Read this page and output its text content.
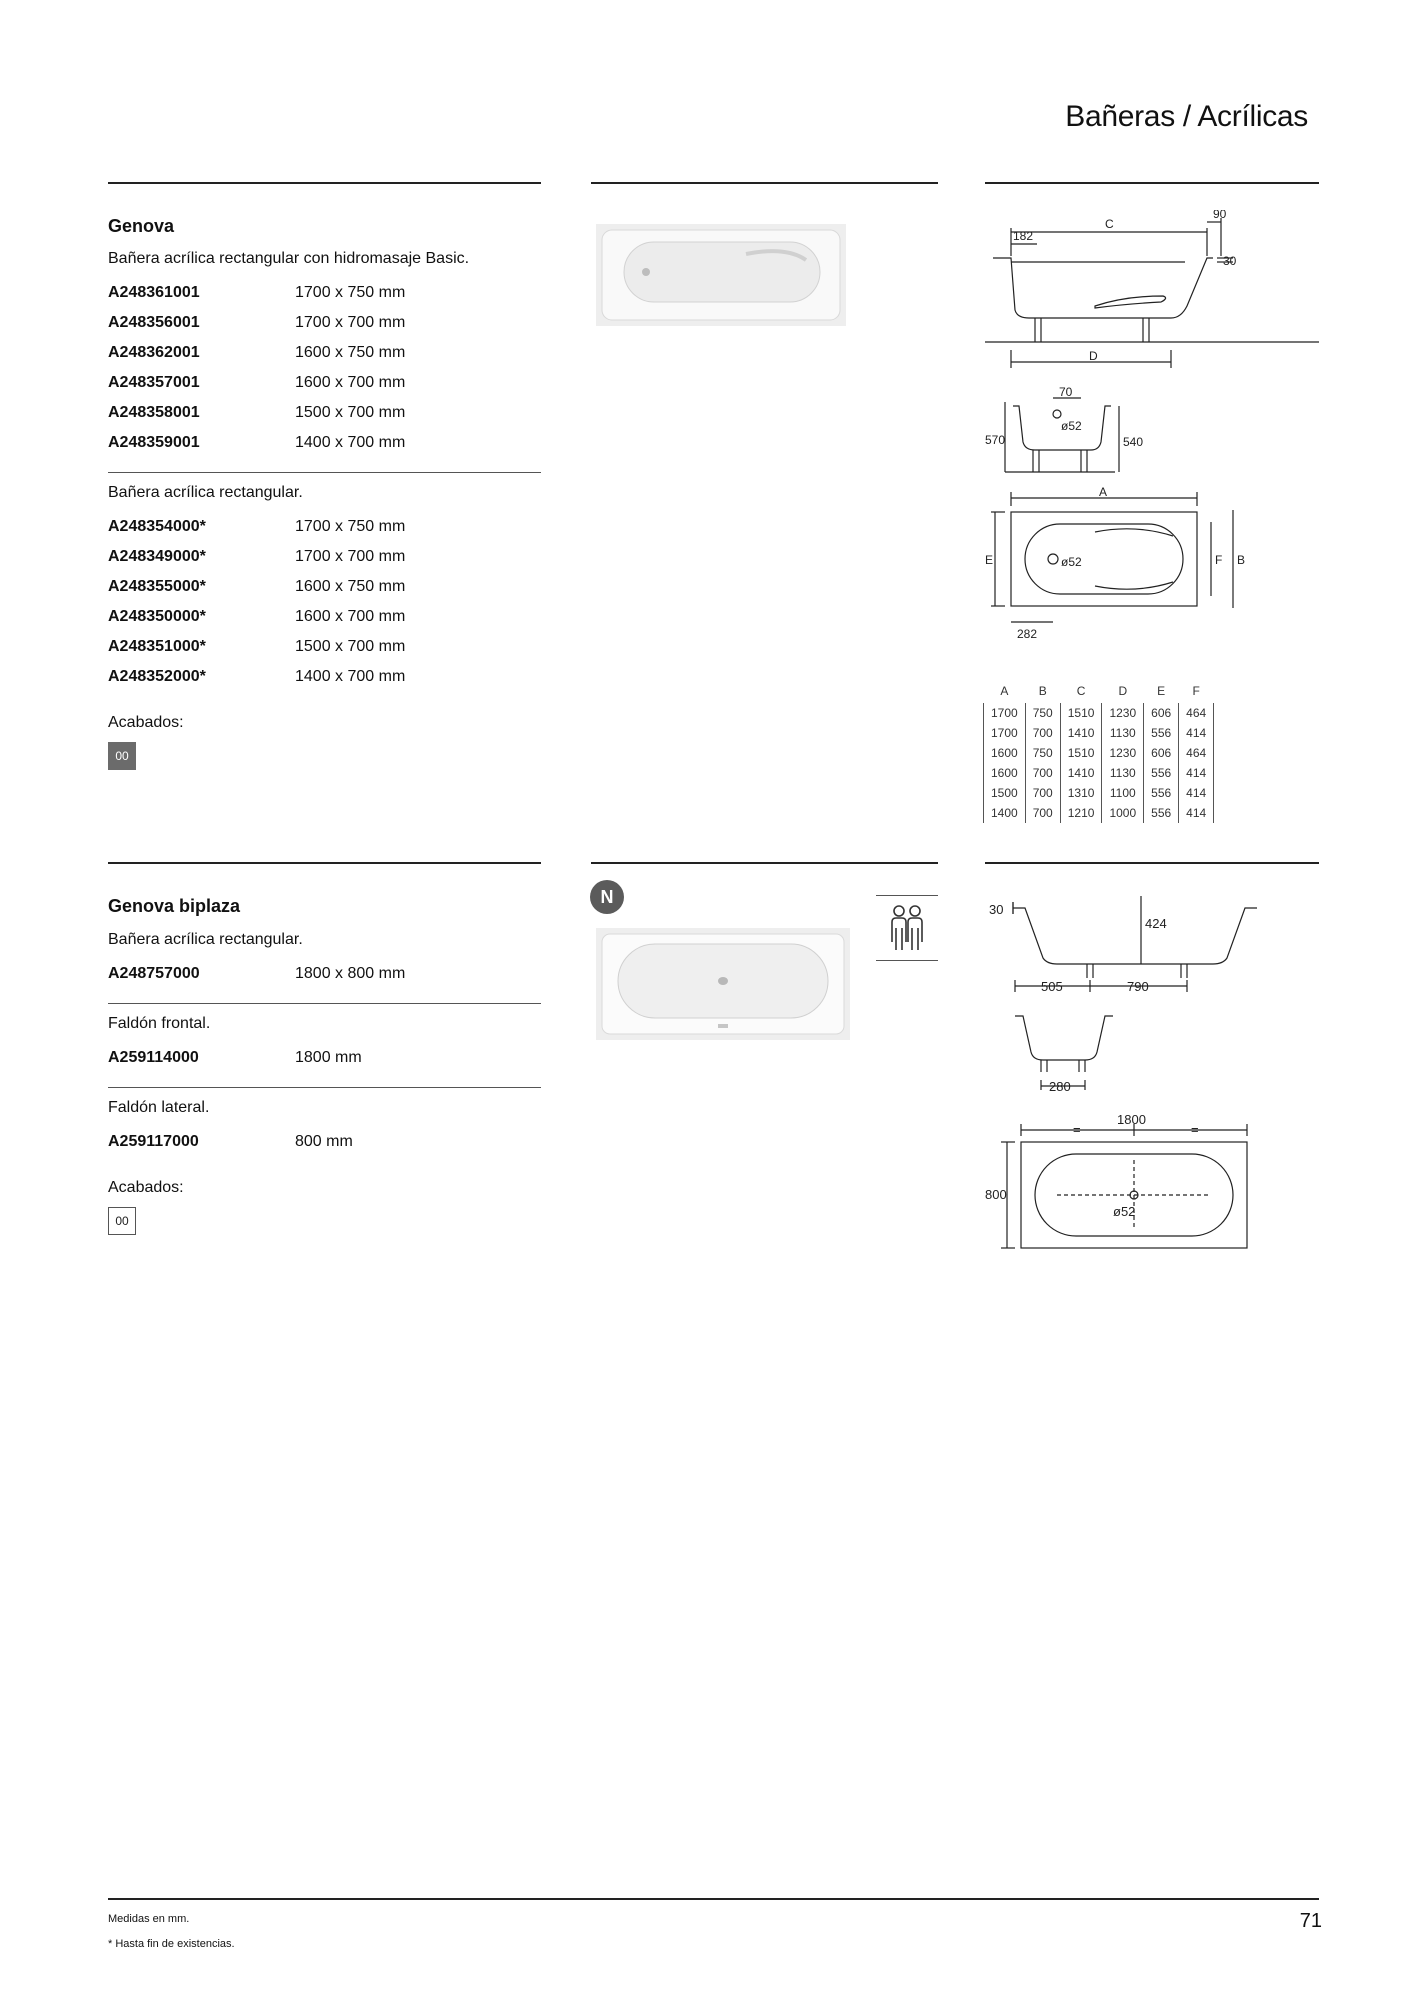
Bañeras / Acrílicas
Genova
Bañera acrílica rectangular con hidromasaje Basic.
A248361001	1700 x 750 mm
A248356001	1700 x 700 mm
A248362001	1600 x 750 mm
A248357001	1600 x 700 mm
A248358001	1500 x 700 mm
A248359001	1400 x 700 mm
Bañera acrílica rectangular.
A248354000*	1700 x 750 mm
A248349000*	1700 x 700 mm
A248355000*	1600 x 750 mm
A248350000*	1600 x 700 mm
A248351000*	1500 x 700 mm
A248352000*	1400 x 700 mm
Acabados:
00
C
90
182
30
D
70
ø52
570	540
A
E	F B
ø52
282
A	B	C	D	E	F
1700	750	1510	1230	606	464
1700	700	1410	1130	556	414
1600	750	1510	1230	606	464
1600	700	1410	1130	556	414
1500	700	1310	1100	556	414
1400	700	1210	1000	556	414
Genova biplaza
Bañera acrílica rectangular.
A248757000	1800 x 800 mm
Faldón frontal.
A259114000	1800 mm
Faldón lateral.
A259117000	800 mm
Acabados:
00
N
30
424
505	790
280
1800
=	=
800
ø52
Medidas en mm.
* Hasta fin de existencias.
71
